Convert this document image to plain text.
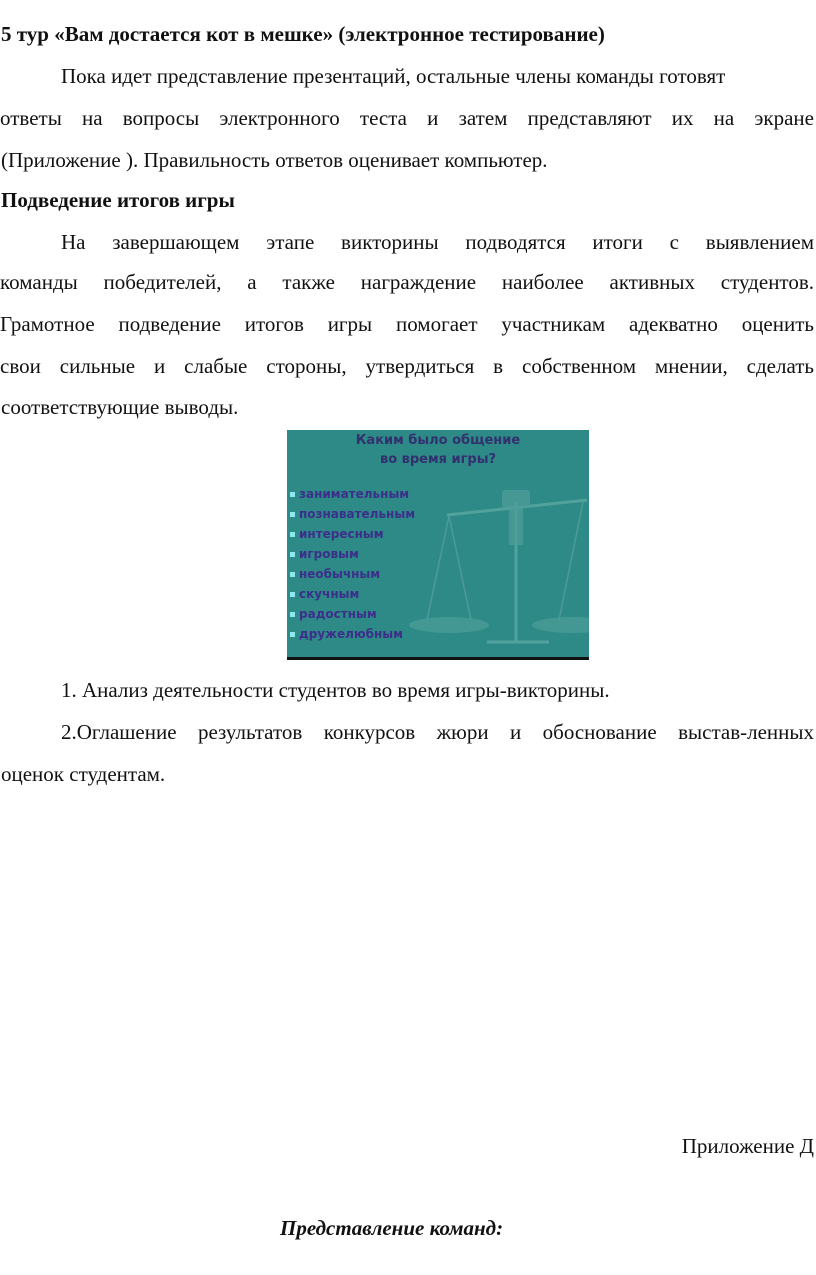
5 тур «Вам достается кот в мешке» (электронное тестирование)
Пока идет представление презентаций, остальные члены команды готовят
ответы на вопросы электронного теста и затем представляют их на экране
(Приложение ). Правильность ответов оценивает компьютер.
Подведение итогов игры
На завершающем этапе викторины подводятся итоги с выявлением
команды победителей, а также награждение наиболее активных студентов.
Грамотное подведение итогов игры помогает участникам адекватно оценить
свои сильные и слабые стороны, утвердиться в собственном мнении, сделать
соответствующие выводы.
Каким было общение
во время игры?
занимательным
познавательным
интересным
игровым
необычным
скучным
радостным
дружелюбным
1. Анализ деятельности студентов во время игры-викторины.
2.Оглашение результатов конкурсов жюри и обоснование выстав-ленных
оценок студентам.
Приложение Д
Представление команд:
